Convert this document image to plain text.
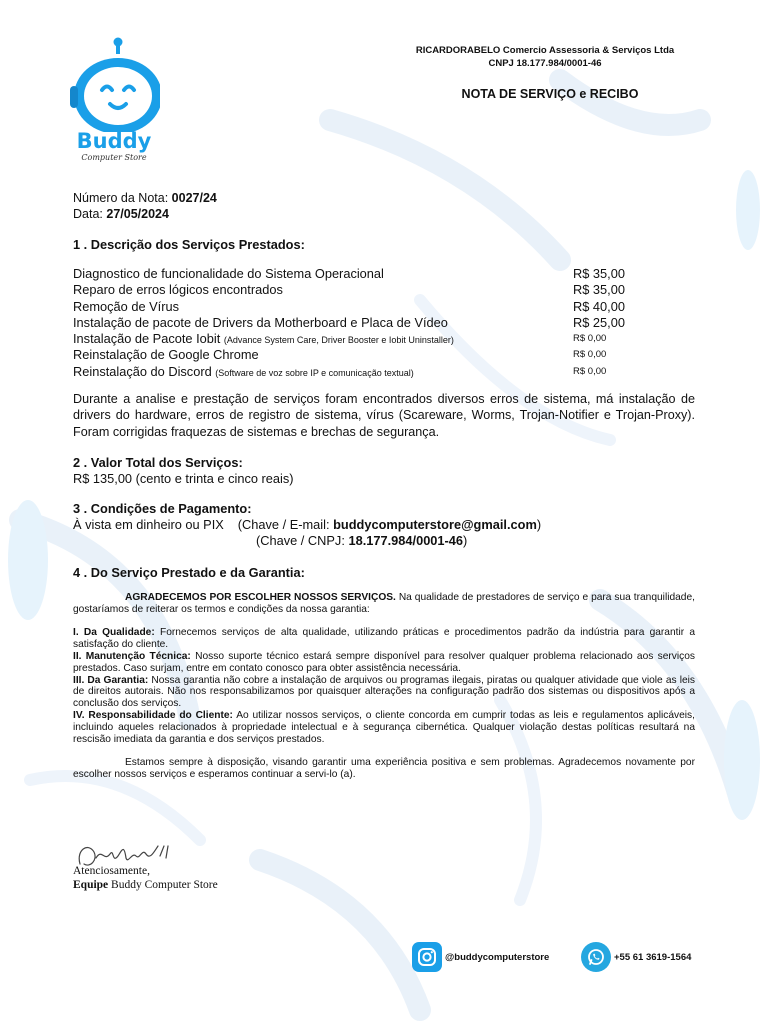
Buddy
Computer Store
RICARDORABELO Comercio Assessoria & Serviços Ltda
CNPJ 18.177.984/0001-46
NOTA DE SERVIÇO e RECIBO
Número da Nota: 0027/24
Data: 27/05/2024
1 . Descrição dos Serviços Prestados:
Diagnostico de funcionalidade do Sistema Operacional	R$ 35,00
Reparo de erros lógicos encontrados	R$ 35,00
Remoção de Vírus	R$ 40,00
Instalação de pacote de Drivers da Motherboard e Placa de Vídeo	R$ 25,00
Instalação de Pacote Iobit (Advance System Care, Driver Booster e Iobit Uninstaller)	R$ 0,00
Reinstalação de Google Chrome	R$ 0,00
Reinstalação do Discord (Software de voz sobre IP e comunicação textual)	R$ 0,00
Durante a analise e prestação de serviços foram encontrados diversos erros de sistema, má instalação de drivers do hardware, erros de registro de sistema, vírus (Scareware, Worms, Trojan-Notifier e Trojan-Proxy). Foram corrigidas fraquezas de sistemas e brechas de segurança.
2 . Valor Total dos Serviços:
R$ 135,00 (cento e trinta e cinco reais)
3 . Condições de Pagamento:
À vista em dinheiro ou PIX (Chave / E-mail: buddycomputerstore@gmail.com)
(Chave / CNPJ: 18.177.984/0001-46)
4 . Do Serviço Prestado e da Garantia:

AGRADECEMOS POR ESCOLHER NOSSOS SERVIÇOS. Na qualidade de prestadores de serviço e para sua tranquilidade, gostaríamos de reiterar os termos e condições da nossa garantia:

I. Da Qualidade: Fornecemos serviços de alta qualidade, utilizando práticas e procedimentos padrão da indústria para garantir a satisfação do cliente.

II. Manutenção Técnica: Nosso suporte técnico estará sempre disponível para resolver qualquer problema relacionado aos serviços prestados. Caso surjam, entre em contato conosco para obter assistência necessária.

III. Da Garantia: Nossa garantia não cobre a instalação de arquivos ou programas ilegais, piratas ou qualquer atividade que viole as leis de direitos autorais. Não nos responsabilizamos por quaisquer alterações na configuração padrão dos sistemas ou dispositivos após a conclusão dos serviços.

IV. Responsabilidade do Cliente: Ao utilizar nossos serviços, o cliente concorda em cumprir todas as leis e regulamentos aplicáveis, incluindo aqueles relacionados à propriedade intelectual e à segurança cibernética. Qualquer violação destas políticas resultará na rescisão imediata da garantia e dos serviços prestados.

Estamos sempre à disposição, visando garantir uma experiência positiva e sem problemas. Agradecemos novamente por escolher nossos serviços e esperamos continuar a servi-lo (a).

Atenciosamente,
Equipe Buddy Computer Store
@buddycomputerstore	+55 61 3619-1564
